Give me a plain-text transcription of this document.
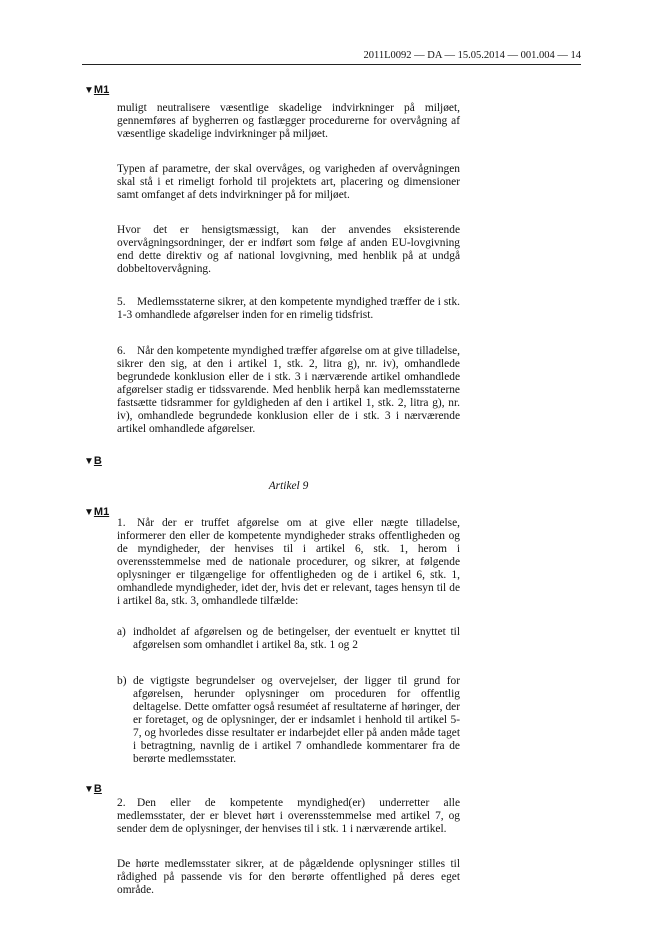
2011L0092 — DA — 15.05.2014 — 001.004 — 14
▼M1
muligt neutralisere væsentlige skadelige indvirkninger på miljøet, gennemføres af bygherren og fastlægger procedurerne for overvågning af væsentlige skadelige indvirkninger på miljøet.
Typen af parametre, der skal overvåges, og varigheden af overvågningen skal stå i et rimeligt forhold til projektets art, placering og dimensioner samt omfanget af dets indvirkninger på for miljøet.
Hvor det er hensigtsmæssigt, kan der anvendes eksisterende overvågningsordninger, der er indført som følge af anden EU-lovgivning end dette direktiv og af national lovgivning, med henblik på at undgå dobbeltovervågning.
5. Medlemsstaterne sikrer, at den kompetente myndighed træffer de i stk. 1-3 omhandlede afgørelser inden for en rimelig tidsfrist.
6. Når den kompetente myndighed træffer afgørelse om at give tilladelse, sikrer den sig, at den i artikel 1, stk. 2, litra g), nr. iv), omhandlede begrundede konklusion eller de i stk. 3 i nærværende artikel omhandlede afgørelser stadig er tidssvarende. Med henblik herpå kan medlemsstaterne fastsætte tidsrammer for gyldigheden af den i artikel 1, stk. 2, litra g), nr. iv), omhandlede begrundede konklusion eller de i stk. 3 i nærværende artikel omhandlede afgørelser.
▼B
Artikel 9
▼M1
1. Når der er truffet afgørelse om at give eller nægte tilladelse, informerer den eller de kompetente myndigheder straks offentligheden og de myndigheder, der henvises til i artikel 6, stk. 1, herom i overensstemmelse med de nationale procedurer, og sikrer, at følgende oplysninger er tilgængelige for offentligheden og de i artikel 6, stk. 1, omhandlede myndigheder, idet der, hvis det er relevant, tages hensyn til de i artikel 8a, stk. 3, omhandlede tilfælde:
a) indholdet af afgørelsen og de betingelser, der eventuelt er knyttet til afgørelsen som omhandlet i artikel 8a, stk. 1 og 2
b) de vigtigste begrundelser og overvejelser, der ligger til grund for afgørelsen, herunder oplysninger om proceduren for offentlig deltagelse. Dette omfatter også resuméet af resultaterne af høringer, der er foretaget, og de oplysninger, der er indsamlet i henhold til artikel 5-7, og hvorledes disse resultater er indarbejdet eller på anden måde taget i betragtning, navnlig de i artikel 7 omhandlede kommentarer fra de berørte medlemsstater.
▼B
2. Den eller de kompetente myndighed(er) underretter alle medlemsstater, der er blevet hørt i overensstemmelse med artikel 7, og sender dem de oplysninger, der henvises til i stk. 1 i nærværende artikel.
De hørte medlemsstater sikrer, at de pågældende oplysninger stilles til rådighed på passende vis for den berørte offentlighed på deres eget område.
